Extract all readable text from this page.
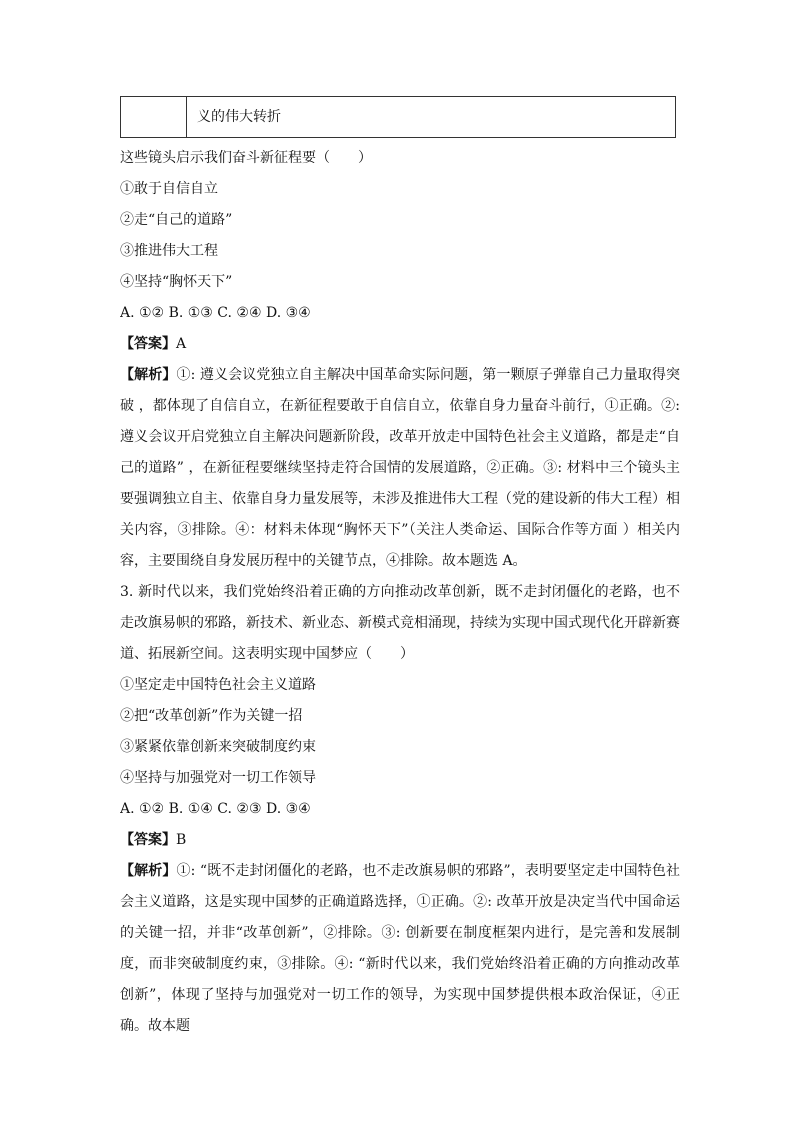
义的伟大转折
这些镜头启示我们奋斗新征程要（　　）
①敢于自信自立
②走“自己的道路”
③推进伟大工程
④坚持“胸怀天下”
A. ①② B. ①③ C. ②④ D. ③④
【答案】A
【解析】①: 遵义会议党独立自主解决中国革命实际问题，第一颗原子弹靠自己力量取得突破 ，都体现了自信自立，在新征程要敢于自信自立，依靠自身力量奋斗前行，①正确。②: 遵义会议开启党独立自主解决问题新阶段，改革开放走中国特色社会主义道路，都是走“自己的道路” ，在新征程要继续坚持走符合国情的发展道路，②正确。③: 材料中三个镜头主要强调独立自主、依靠自身力量发展等，未涉及推进伟大工程（党的建设新的伟大工程）相关内容，③排除。④：材料未体现“胸怀天下”（关注人类命运、国际合作等方面 ）相关内容，主要围绕自身发展历程中的关键节点，④排除。故本题选 A。
3. 新时代以来，我们党始终沿着正确的方向推动改革创新，既不走封闭僵化的老路，也不走改旗易帜的邪路，新技术、新业态、新模式竞相涌现，持续为实现中国式现代化开辟新赛道、拓展新空间。这表明实现中国梦应（　　）
①坚定走中国特色社会主义道路
②把“改革创新”作为关键一招
③紧紧依靠创新来突破制度约束
④坚持与加强党对一切工作领导
A. ①② B. ①④ C. ②③ D. ③④
【答案】B
【解析】①: “既不走封闭僵化的老路，也不走改旗易帜的邪路”，表明要坚定走中国特色社会主义道路，这是实现中国梦的正确道路选择，①正确。②: 改革开放是决定当代中国命运的关键一招，并非“改革创新”，②排除。③: 创新要在制度框架内进行，是完善和发展制度，而非突破制度约束，③排除。④: “新时代以来，我们党始终沿着正确的方向推动改革创新”，体现了坚持与加强党对一切工作的领导，为实现中国梦提供根本政治保证，④正确。故本题
